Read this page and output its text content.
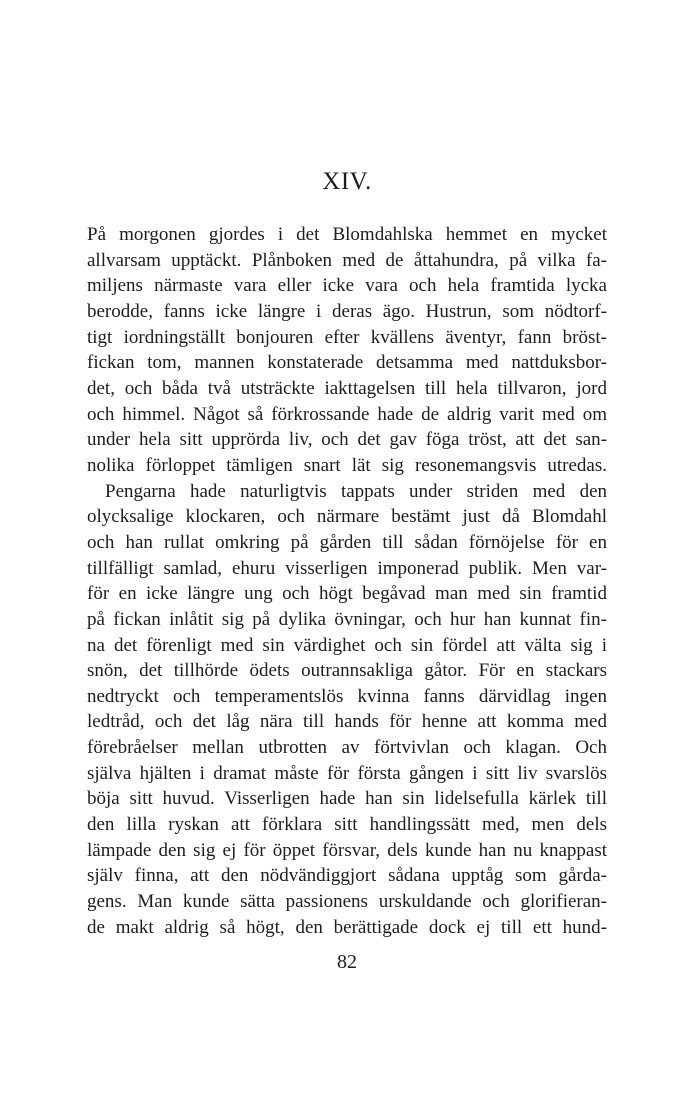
XIV.
På morgonen gjordes i det Blomdahlska hemmet en mycket
allvarsam upptäckt. Plånboken med de åttahundra, på vilka fa-
miljens närmaste vara eller icke vara och hela framtida lycka
berodde, fanns icke längre i deras ägo. Hustrun, som nödtorf-
tigt iordningställt bonjouren efter kvällens äventyr, fann bröst-
fickan tom, mannen konstaterade detsamma med nattduksbor-
det, och båda två utsträckte iakttagelsen till hela tillvaron, jord
och himmel. Något så förkrossande hade de aldrig varit med om
under hela sitt upprörda liv, och det gav föga tröst, att det san-
nolika förloppet tämligen snart lät sig resonemangsvis utredas.
Pengarna hade naturligtvis tappats under striden med den
olycksalige klockaren, och närmare bestämt just då Blomdahl
och han rullat omkring på gården till sådan förnöjelse för en
tillfälligt samlad, ehuru visserligen imponerad publik. Men var-
för en icke längre ung och högt begåvad man med sin framtid
på fickan inlåtit sig på dylika övningar, och hur han kunnat fin-
na det förenligt med sin värdighet och sin fördel att välta sig i
snön, det tillhörde ödets outrannsakliga gåtor. För en stackars
nedtryckt och temperamentslös kvinna fanns därvidlag ingen
ledtråd, och det låg nära till hands för henne att komma med
förebråelser mellan utbrotten av förtvivlan och klagan. Och
själva hjälten i dramat måste för första gången i sitt liv svarslös
böja sitt huvud. Visserligen hade han sin lidelsefulla kärlek till
den lilla ryskan att förklara sitt handlingssätt med, men dels
lämpade den sig ej för öppet försvar, dels kunde han nu knappast
själv finna, att den nödvändiggjort sådana upptåg som gårda-
gens. Man kunde sätta passionens urskuldande och glorifieran-
de makt aldrig så högt, den berättigade dock ej till ett hund-
82
